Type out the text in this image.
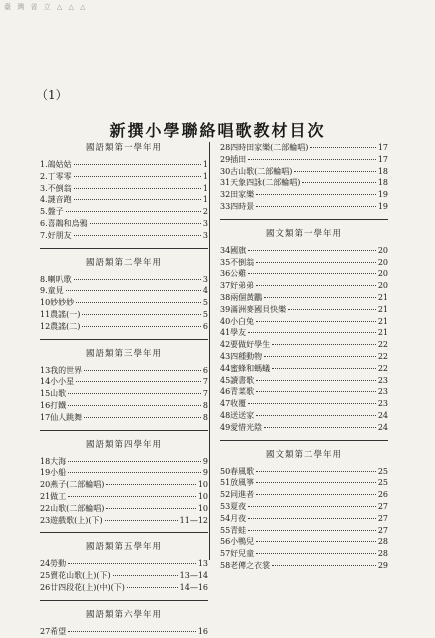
臺 灣 省 立 △ △ △
（1）
新撰小學聯絡唱歌教材目次
國語類第一學年用
1.鴿姑姑	1
2.丁零零	1
3.不倒翁	1
4.謎音跑	1
5.盤子	2
6.喜鵲和烏鴉	3
7.好朋友	3
國語類第二學年用
8.喇叭歌	3
9.童見	4
10妙妙妙	5
11農謠(一)	5
12農謠(二)	6
國語類第三學年用
13我的世界	6
14小小星	7
15山歌	7
16打鐵	8
17仙人跳舞	8
國語類第四學年用
18大海	9
19小船	9
20燕子(二部輪唱)	10
21做工	10
22山歌(二部輪唱)	10
23遊戲歌(上)(下)	11—12
國語類第五學年用
24勞動	13
25賣花山歌(上)(下)	13—14
26廿四段花(上)(中)(下)	14—16
國語類第六學年用
27希望	16
28四時田家樂(二部輪唱)	17
29插田	17
30古山歌(二部輪唱)	18
31天象四詠(二部輪唱)	18
32田家樂	19
33四時景	19
國文類第一學年用
34國旗	20
35不倒翁	20
36公雞	20
37好弟弟	20
38兩個黃鸝	21
39滿洲麥國貝快樂	21
40小白兔	21
41學友	21
42要做好學生	22
43四種動物	22
44蜜蜂和螞蟻	22
45讀書歌	23
46青菜歌	23
47收覆	23
48送送家	24
49愛惜光陰	24
國文類第二學年用
50春風歌	25
51放風箏	25
52同進者	26
53夏夜	27
54月夜	27
55青蛙	27
56小鴨兒	28
57好兒童	28
58老傳之衣裳	29
